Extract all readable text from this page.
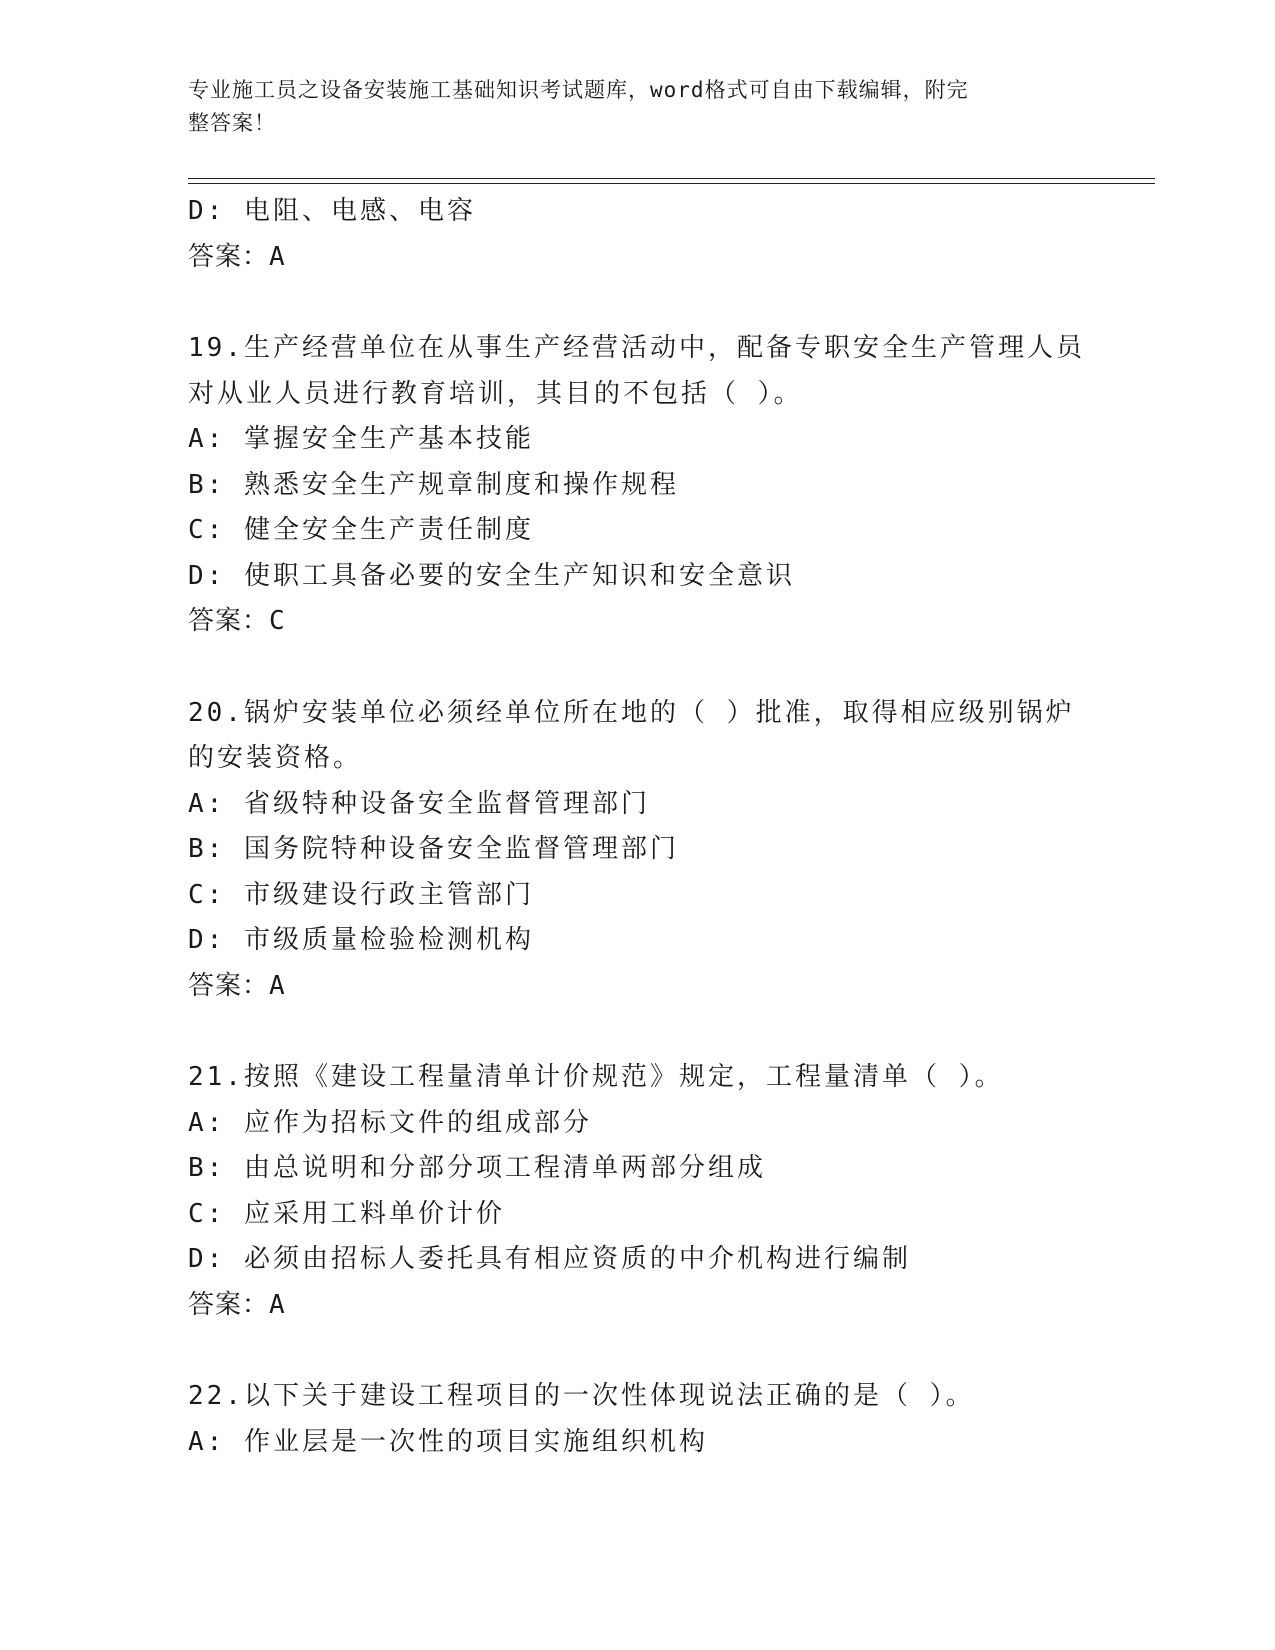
专业施工员之设备安装施工基础知识考试题库，word格式可自由下载编辑，附完
整答案！
D: 电阻、电感、电容
答案：A
19.生产经营单位在从事生产经营活动中，配备专职安全生产管理人员
对从业人员进行教育培训，其目的不包括（ ）。
A: 掌握安全生产基本技能
B: 熟悉安全生产规章制度和操作规程
C: 健全安全生产责任制度
D: 使职工具备必要的安全生产知识和安全意识
答案：C
20.锅炉安装单位必须经单位所在地的（ ）批准，取得相应级别锅炉
的安装资格。
A: 省级特种设备安全监督管理部门
B: 国务院特种设备安全监督管理部门
C: 市级建设行政主管部门
D: 市级质量检验检测机构
答案：A
21.按照《建设工程量清单计价规范》规定，工程量清单（ ）。
A: 应作为招标文件的组成部分
B: 由总说明和分部分项工程清单两部分组成
C: 应采用工料单价计价
D: 必须由招标人委托具有相应资质的中介机构进行编制
答案：A
22.以下关于建设工程项目的一次性体现说法正确的是（ ）。
A: 作业层是一次性的项目实施组织机构
